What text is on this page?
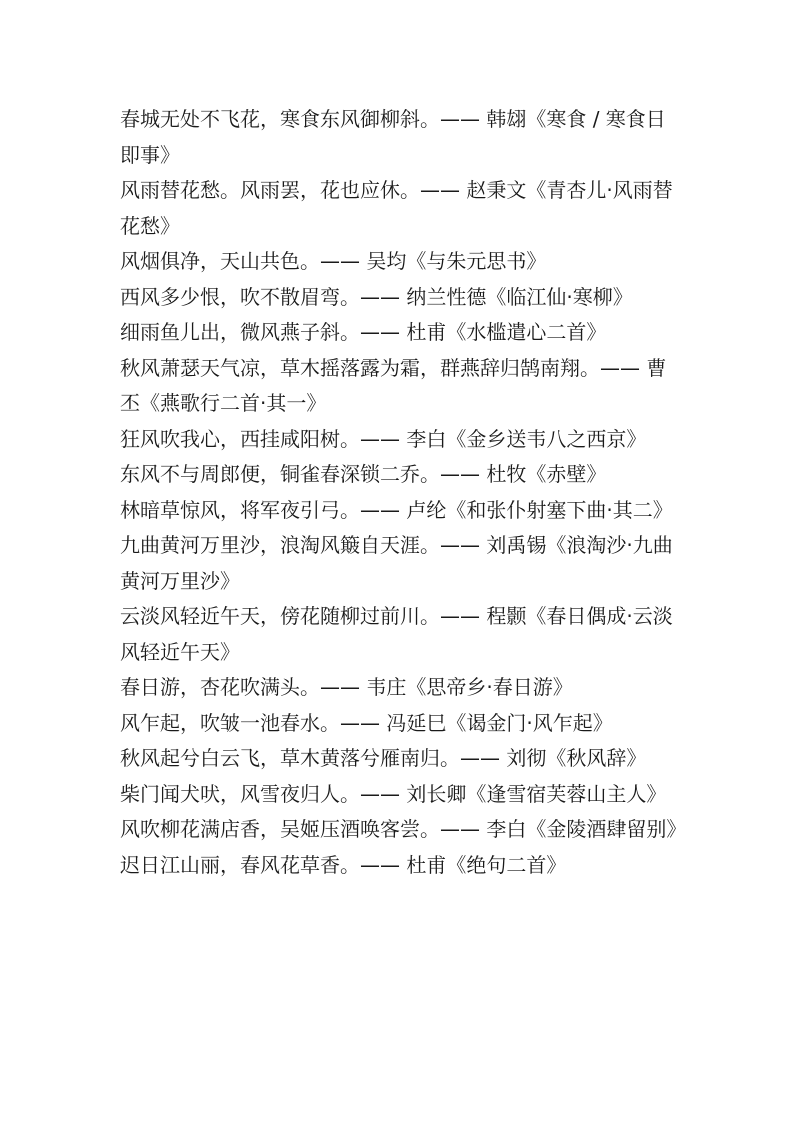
春城无处不飞花，寒食东风御柳斜。—— 韩翃《寒食 / 寒食日

即事》

风雨替花愁。风雨罢，花也应休。—— 赵秉文《青杏儿·风雨替

花愁》

风烟俱净，天山共色。—— 吴均《与朱元思书》

西风多少恨，吹不散眉弯。—— 纳兰性德《临江仙·寒柳》

细雨鱼儿出，微风燕子斜。—— 杜甫《水槛遣心二首》

秋风萧瑟天气凉，草木摇落露为霜，群燕辞归鹄南翔。—— 曹

丕《燕歌行二首·其一》

狂风吹我心，西挂咸阳树。—— 李白《金乡送韦八之西京》

东风不与周郎便，铜雀春深锁二乔。—— 杜牧《赤壁》

林暗草惊风，将军夜引弓。—— 卢纶《和张仆射塞下曲·其二》

九曲黄河万里沙，浪淘风簸自天涯。—— 刘禹锡《浪淘沙·九曲

黄河万里沙》

云淡风轻近午天，傍花随柳过前川。—— 程颢《春日偶成·云淡

风轻近午天》

春日游，杏花吹满头。—— 韦庄《思帝乡·春日游》

风乍起，吹皱一池春水。—— 冯延巳《谒金门·风乍起》

秋风起兮白云飞，草木黄落兮雁南归。—— 刘彻《秋风辞》

柴门闻犬吠，风雪夜归人。—— 刘长卿《逢雪宿芙蓉山主人》

风吹柳花满店香，吴姬压酒唤客尝。—— 李白《金陵酒肆留别》

迟日江山丽，春风花草香。—— 杜甫《绝句二首》
